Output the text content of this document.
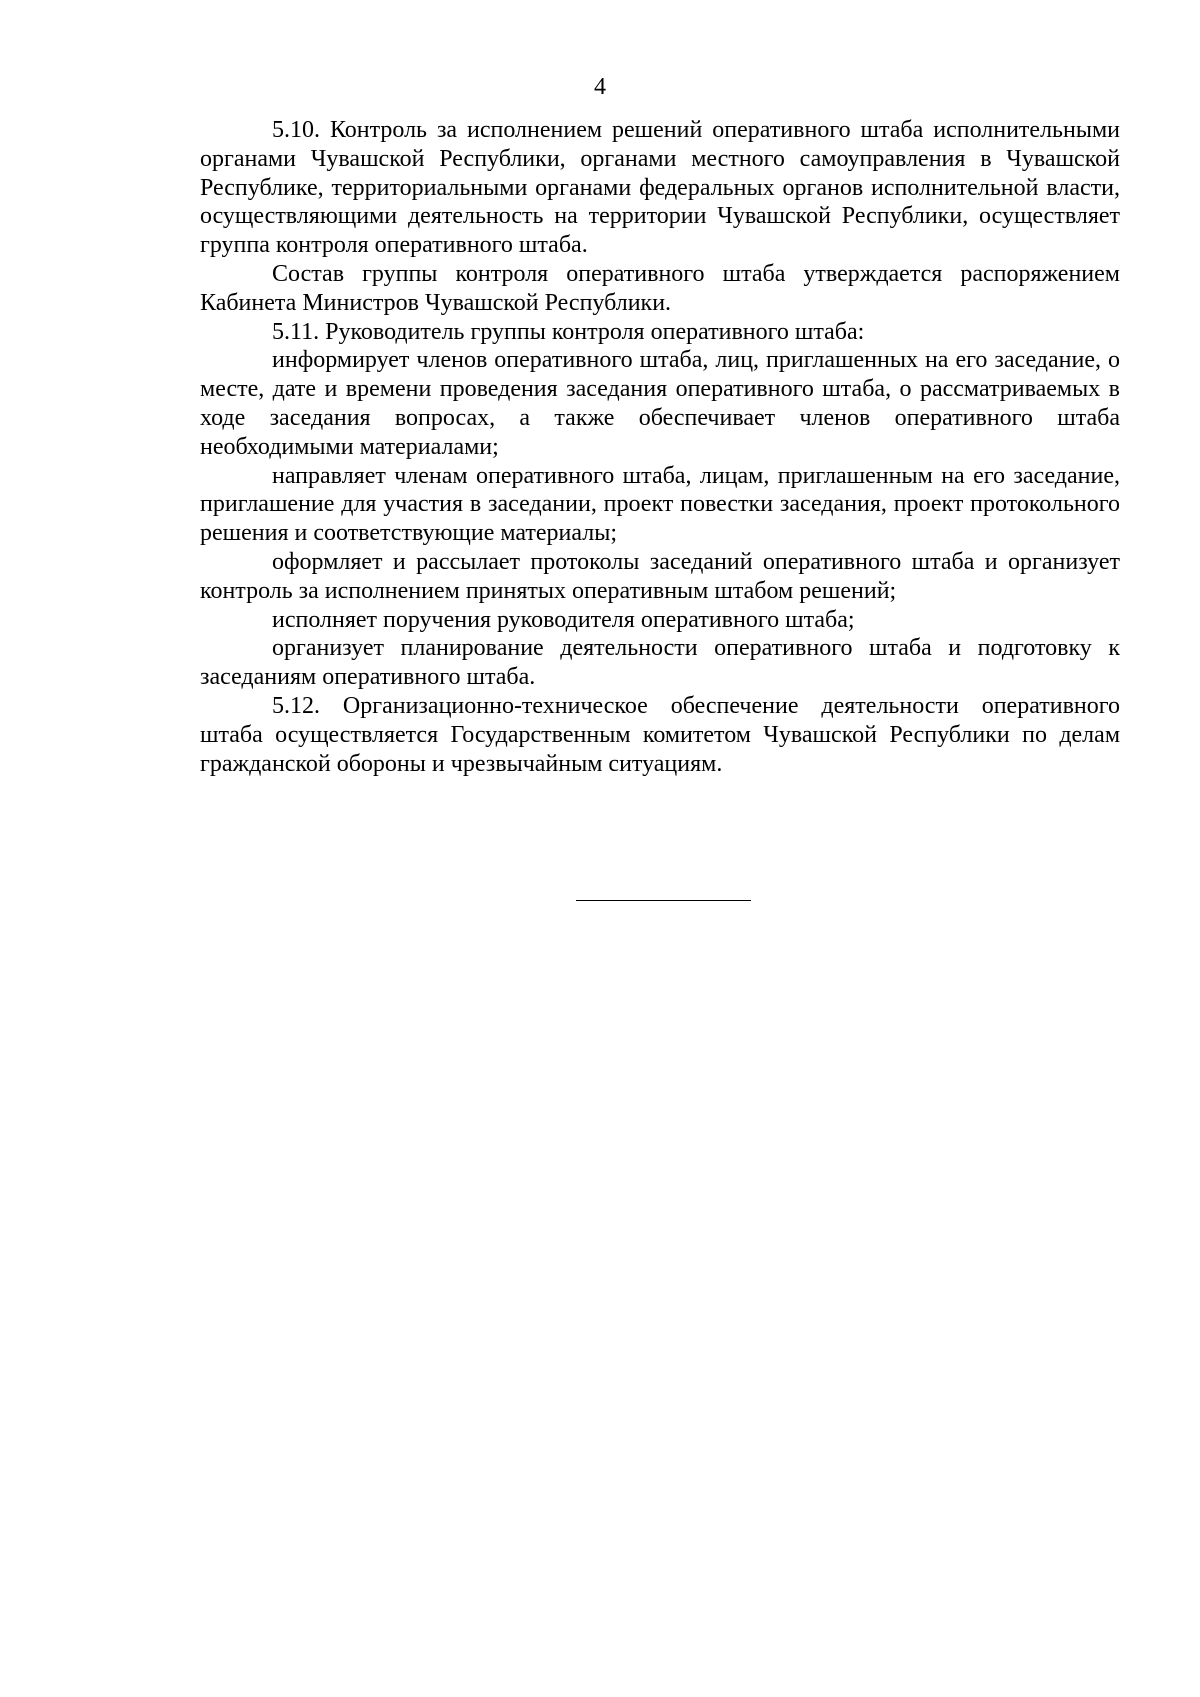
4

5.10. Контроль за исполнением решений оперативного штаба исполнительными органами Чувашской Республики, органами местного самоуправления в Чувашской Республике, территориальными органами федеральных органов исполнительной власти, осуществляющими деятельность на территории Чувашской Республики, осуществляет группа контроля оперативного штаба.

Состав группы контроля оперативного штаба утверждается распоряжением Кабинета Министров Чувашской Республики.

5.11. Руководитель группы контроля оперативного штаба:

информирует членов оперативного штаба, лиц, приглашенных на его заседание, о месте, дате и времени проведения заседания оперативного штаба, о рассматриваемых в ходе заседания вопросах, а также обеспечивает членов оперативного штаба необходимыми материалами;

направляет членам оперативного штаба, лицам, приглашенным на его заседание, приглашение для участия в заседании, проект повестки заседания, проект протокольного решения и соответствующие материалы;

оформляет и рассылает протоколы заседаний оперативного штаба и организует контроль за исполнением принятых оперативным штабом решений;

исполняет поручения руководителя оперативного штаба;

организует планирование деятельности оперативного штаба и подготовку к заседаниям оперативного штаба.

5.12. Организационно-техническое обеспечение деятельности оперативного штаба осуществляется Государственным комитетом Чувашской Республики по делам гражданской обороны и чрезвычайным ситуациям.
